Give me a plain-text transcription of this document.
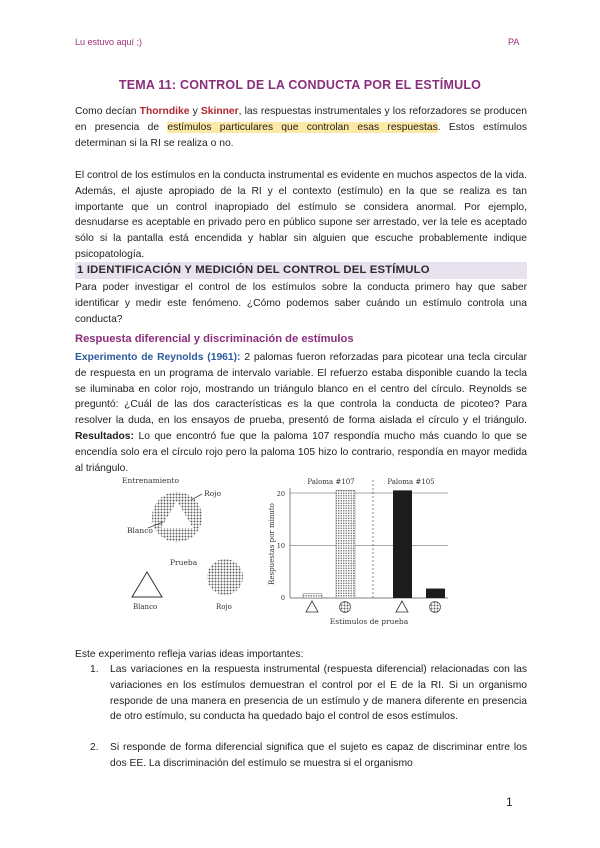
Lu estuvo aquí ;)	PA
TEMA 11: CONTROL DE LA CONDUCTA POR EL ESTÍMULO
Como decían Thorndike y Skinner, las respuestas instrumentales y los reforzadores se producen en presencia de estímulos particulares que controlan esas respuestas. Estos estímulos determinan si la RI se realiza o no.
El control de los estímulos en la conducta instrumental es evidente en muchos aspectos de la vida. Además, el ajuste apropiado de la RI y el contexto (estímulo) en la que se realiza es tan importante que un control inapropiado del estímulo se considera anormal. Por ejemplo, desnudarse es aceptable en privado pero en público supone ser arrestado, ver la tele es aceptado sólo si la pantalla está encendida y hablar sin alguien que escuche probablemente indique psicopatología.
1 IDENTIFICACIÓN Y MEDICIÓN DEL CONTROL DEL ESTÍMULO
Para poder investigar el control de los estímulos sobre la conducta primero hay que saber identificar y medir este fenómeno. ¿Cómo podemos saber cuándo un estímulo controla una conducta?
Respuesta diferencial y discriminación de estímulos
Experimento de Reynolds (1961): 2 palomas fueron reforzadas para picotear una tecla circular de respuesta en un programa de intervalo variable. El refuerzo estaba disponible cuando la tecla se iluminaba en color rojo, mostrando un triángulo blanco en el centro del círculo. Reynolds se preguntó: ¿Cuál de las dos características es la que controla la conducta de picoteo? Para resolver la duda, en los ensayos de prueba, presentó de forma aislada el círculo y el triángulo. Resultados: Lo que encontró fue que la paloma 107 respondía mucho más cuando lo que se encendía solo era el círculo rojo pero la paloma 105 hizo lo contrario, respondía en mayor medida al triángulo.
Entrenamiento
Rojo
Blanco
Prueba
Blanco	Rojo
20
10
0
Respuestas por minuto
Paloma #107	Paloma #105
Estímulos de prueba
Este experimento refleja varias ideas importantes:
1. Las variaciones en la respuesta instrumental (respuesta diferencial) relacionadas con las variaciones en los estímulos demuestran el control por el E de la RI. Si un organismo responde de una manera en presencia de un estímulo y de manera diferente en presencia de otro estímulo, su conducta ha quedado bajo el control de esos estímulos.
2. Si responde de forma diferencial significa que el sujeto es capaz de discriminar entre los dos EE. La discriminación del estímulo se muestra si el organismo
1
